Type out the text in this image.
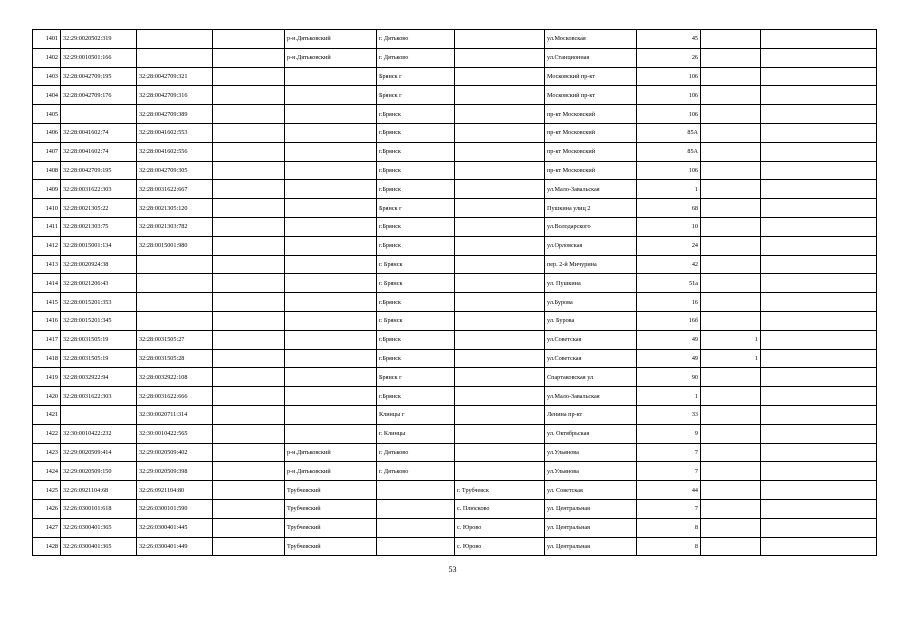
1401	32:29:0020502:319			р-н.Дятьковский	г. Дятьково		ул.Московская	45		
1402	32:29:0010501:166			р-н.Дятьковский	г. Дятьково		ул.Станционная	26		
1403	32:28:0042709:195	32:28:0042709:321			Брянск г		Московский пр-кт	106		
1404	32:28:0042709:176	32:28:0042709:316			Брянск г		Московский пр-кт	106		
1405		32:28:0042709:389			г.Брянск		пр-кт Московский	106		
1406	32:28:0041602:74	32:28:0041602:553			г.Брянск		пр-кт Московский	85А		
1407	32:28:0041602:74	32:28:0041602:556			г.Брянск		пр-кт Московский	85А		
1408	32:28:0042709:195	32:28:0042709:305			г.Брянск		пр-кт Московский	106		
1409	32:28:0031622:303	32:28:0031622:667			г.Брянск		ул.Мало-Завальская	1		
1410	32:28:0021305:22	32:28:0021305:120			Брянск г		Пушкина улиц 2	68		
1411	32:28:0021303:75	32:28:0021303:782			г.Брянск		ул.Володарского	10		
1412	32:28:0015001:134	32:28:0015001:980			г.Брянск		ул.Орловская	24		
1413	32:28:0020924:38				г. Брянск		пер. 2-й Мичурина	42		
1414	32:28:0021206:43				г. Брянск		ул. Пушкина	51а		
1415	32:28:0015201:353				г.Брянск		ул.Бурова	16		
1416	32:28:0015201:345				г. Брянск		ул. Бурова	16б		
1417	32:28:0031505:19	32:28:0031505:27			г.Брянск		ул.Советская	49	1	
1418	32:28:0031505:19	32:28:0031505:28			г.Брянск		ул.Советская	49	1	
1419	32:28:0032922:94	32:28:0032922:108			Брянск г		Спартаковская ул	90		
1420	32:28:0031622:303	32:28:0031622:666			г.Брянск		ул.Мало-Завальская	1		
1421		32:30:0020711:314			Клинцы г		Ленина пр-кт	33		
1422	32:30:0010422:232	32:30:0010422:565			г. Клинцы		ул. Октябрьская	9		
1423	32:29:0020509:414	32:29:0020509:402		р-н.Дятьковский	г. Дятьково		ул.Ульянова	7		
1424	32:29:0020509:150	32:29:0020509:398		р-н.Дятьковский	г. Дятьково		ул.Ульянова	7		
1425	32:26:0921104:68	32:26:0921104:80		Трубчевский		г. Трубчевск	ул. Советская	44		
1426	32:26:0300101:618	32:26:0300101:590		Трубчевский		с. Плюсково	ул. Центральная	7		
1427	32:26:0300401:365	32:26:0300401:445		Трубчевский		с. Юрово	ул. Центральная	8		
1428	32:26:0300401:365	32:26:0300401:449		Трубчевский		с. Юрово	ул. Центральная	8		
53
